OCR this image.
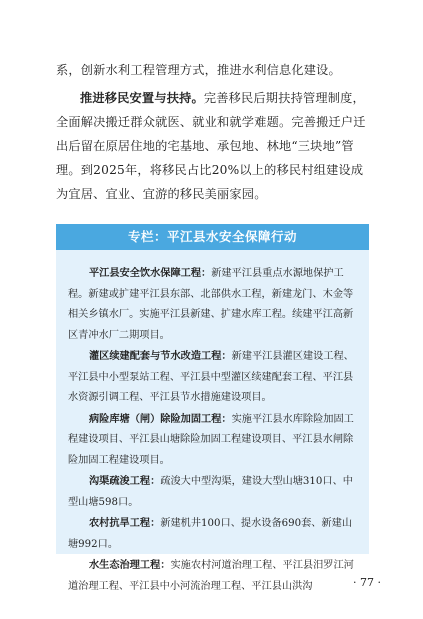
系，创新水利工程管理方式，推进水利信息化建设。
推进移民安置与扶持。完善移民后期扶持管理制度，全面解决搬迁群众就医、就业和就学难题。完善搬迁户迁出后留在原居住地的宅基地、承包地、林地“三块地”管理。到2025年，将移民占比20%以上的移民村组建设成为宜居、宜业、宜游的移民美丽家园。
专栏：平江县水安全保障行动

平江县安全饮水保障工程：新建平江县重点水源地保护工程。新建或扩建平江县东部、北部供水工程，新建龙门、木金等相关乡镇水厂。实施平江县新建、扩建水库工程。续建平江高新区青冲水厂二期项目。

灌区续建配套与节水改造工程：新建平江县灌区建设工程、平江县中小型泵站工程、平江县中型灌区续建配套工程、平江县水资源引调工程、平江县节水措施建设项目。

病险库塘（闸）除险加固工程：实施平江县水库除险加固工程建设项目、平江县山塘除险加固工程建设项目、平江县水闸除险加固工程建设项目。

沟渠疏浚工程：疏浚大中型沟渠，建设大型山塘310口、中型山塘598口。

农村抗旱工程：新建机井100口、提水设备690套、新建山塘992口。

水生态治理工程：实施农村河道治理工程、平江县汨罗江河道治理工程、平江县中小河流治理工程、平江县山洪沟	· 77 ·
